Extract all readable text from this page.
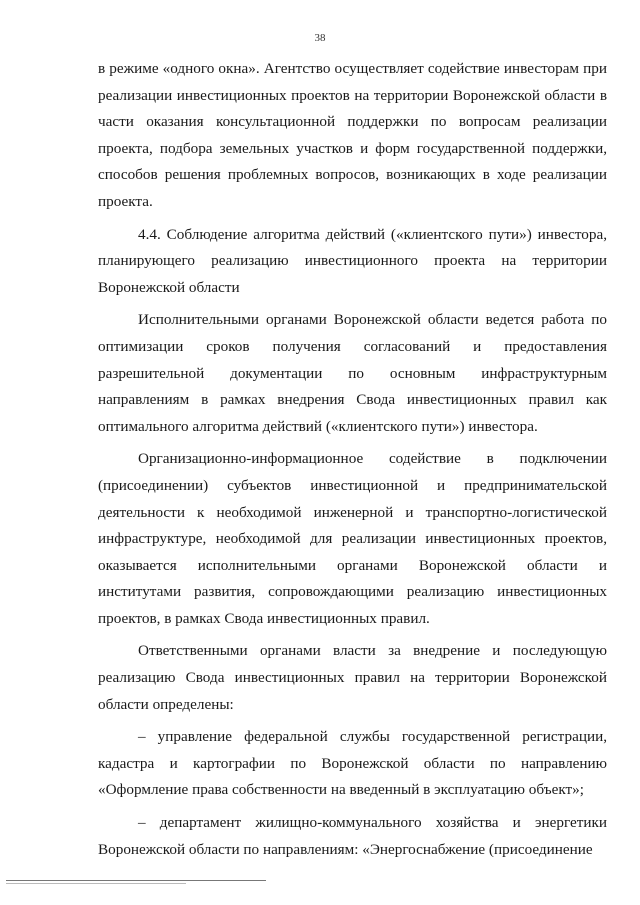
38

в режиме «одного окна». Агентство осуществляет содействие инвесторам при реализации инвестиционных проектов на территории Воронежской области в части оказания консультационной поддержки по вопросам реализации проекта, подбора земельных участков и форм государственной поддержки, способов решения проблемных вопросов, возникающих в ходе реализации проекта.

4.4. Соблюдение алгоритма действий («клиентского пути») инвестора, планирующего реализацию инвестиционного проекта на территории Воронежской области

Исполнительными органами Воронежской области ведется работа по оптимизации сроков получения согласований и предоставления разрешительной документации по основным инфраструктурным направлениям в рамках внедрения Свода инвестиционных правил как оптимального алгоритма действий («клиентского пути») инвестора.

Организационно-информационное содействие в подключении (присоединении) субъектов инвестиционной и предпринимательской деятельности к необходимой инженерной и транспортно-логистической инфраструктуре, необходимой для реализации инвестиционных проектов, оказывается исполнительными органами Воронежской области и институтами развития, сопровождающими реализацию инвестиционных проектов, в рамках Свода инвестиционных правил.

Ответственными органами власти за внедрение и последующую реализацию Свода инвестиционных правил на территории Воронежской области определены:

– управление федеральной службы государственной регистрации, кадастра и картографии по Воронежской области по направлению «Оформление права собственности на введенный в эксплуатацию объект»;

– департамент жилищно-коммунального хозяйства и энергетики Воронежской области по направлениям: «Энергоснабжение (присоединение
